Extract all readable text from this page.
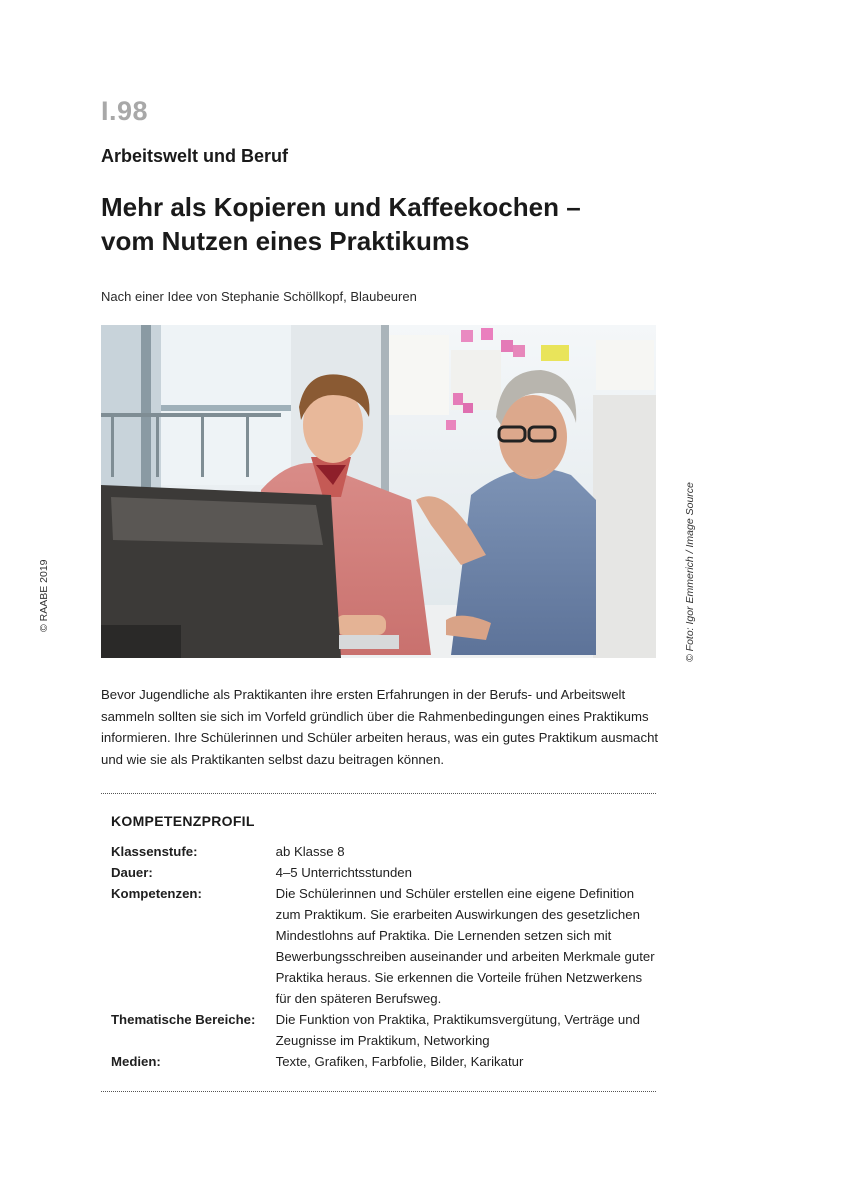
I.98
Arbeitswelt und Beruf
Mehr als Kopieren und Kaffeekochen –
vom Nutzen eines Praktikums
Nach einer Idee von Stephanie Schöllkopf, Blaubeuren
© Foto: Igor Emmerich / Image Source
© RAABE 2019
Bevor Jugendliche als Praktikanten ihre ersten Erfahrungen in der Berufs- und Arbeitswelt sammeln sollten sie sich im Vorfeld gründlich über die Rahmenbedingungen eines Praktikums informieren. Ihre Schülerinnen und Schüler arbeiten heraus, was ein gutes Praktikum ausmacht und wie sie als Praktikanten selbst dazu beitragen können.
KOMPETENZPROFIL
Klassenstufe:	ab Klasse 8
Dauer:	4–5 Unterrichtsstunden
Kompetenzen:	Die Schülerinnen und Schüler erstellen eine eigene Definition zum Praktikum. Sie erarbeiten Auswirkungen des gesetzlichen Mindestlohns auf Praktika. Die Lernenden setzen sich mit Bewerbungsschreiben auseinander und arbeiten Merkmale guter Praktika heraus. Sie erkennen die Vorteile frühen Netzwerkens für den späteren Berufsweg.
Thematische Bereiche:	Die Funktion von Praktika, Praktikumsvergütung, Verträge und Zeugnisse im Praktikum, Networking
Medien:	Texte, Grafiken, Farbfolie, Bilder, Karikatur
